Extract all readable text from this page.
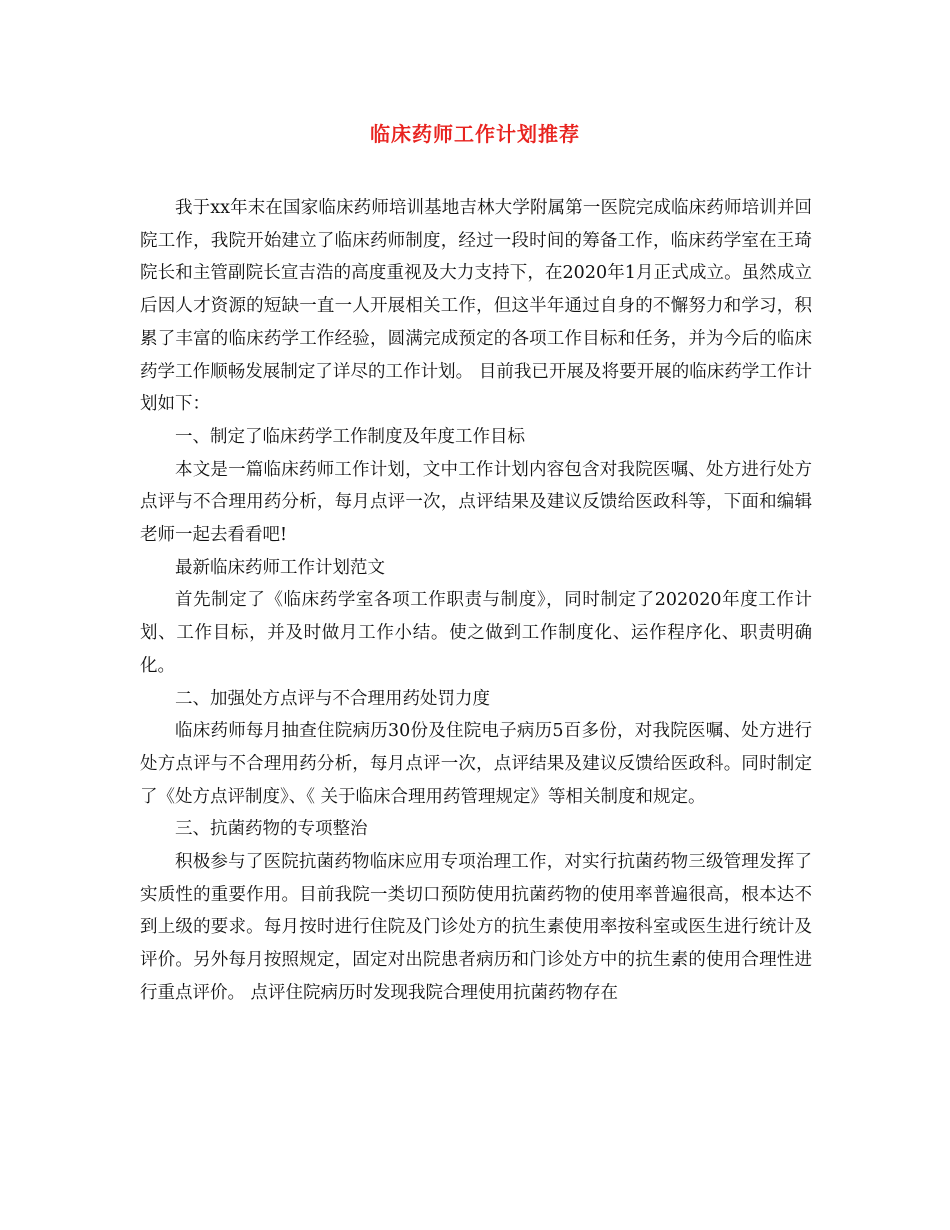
临床药师工作计划推荐

我于xx年末在国家临床药师培训基地吉林大学附属第一医院完成临床药师培训并回院工作，我院开始建立了临床药师制度，经过一段时间的筹备工作，临床药学室在王琦院长和主管副院长宣吉浩的高度重视及大力支持下，在2020年1月正式成立。虽然成立后因人才资源的短缺一直一人开展相关工作，但这半年通过自身的不懈努力和学习，积累了丰富的临床药学工作经验，圆满完成预定的各项工作目标和任务，并为今后的临床药学工作顺畅发展制定了详尽的工作计划。 目前我已开展及将要开展的临床药学工作计划如下：

一、制定了临床药学工作制度及年度工作目标

本文是一篇临床药师工作计划，文中工作计划内容包含对我院医嘱、处方进行处方点评与不合理用药分析，每月点评一次，点评结果及建议反馈给医政科等，下面和编辑老师一起去看看吧!

最新临床药师工作计划范文

首先制定了《临床药学室各项工作职责与制度》，同时制定了202020年度工作计划、工作目标，并及时做月工作小结。使之做到工作制度化、运作程序化、职责明确化。

二、加强处方点评与不合理用药处罚力度

临床药师每月抽查住院病历30份及住院电子病历5百多份，对我院医嘱、处方进行处方点评与不合理用药分析，每月点评一次，点评结果及建议反馈给医政科。同时制定了《处方点评制度》、《 关于临床合理用药管理规定》等相关制度和规定。

三、抗菌药物的专项整治

积极参与了医院抗菌药物临床应用专项治理工作，对实行抗菌药物三级管理发挥了实质性的重要作用。目前我院一类切口预防使用抗菌药物的使用率普遍很高，根本达不到上级的要求。每月按时进行住院及门诊处方的抗生素使用率按科室或医生进行统计及评价。另外每月按照规定，固定对出院患者病历和门诊处方中的抗生素的使用合理性进行重点评价。 点评住院病历时发现我院合理使用抗菌药物存在
